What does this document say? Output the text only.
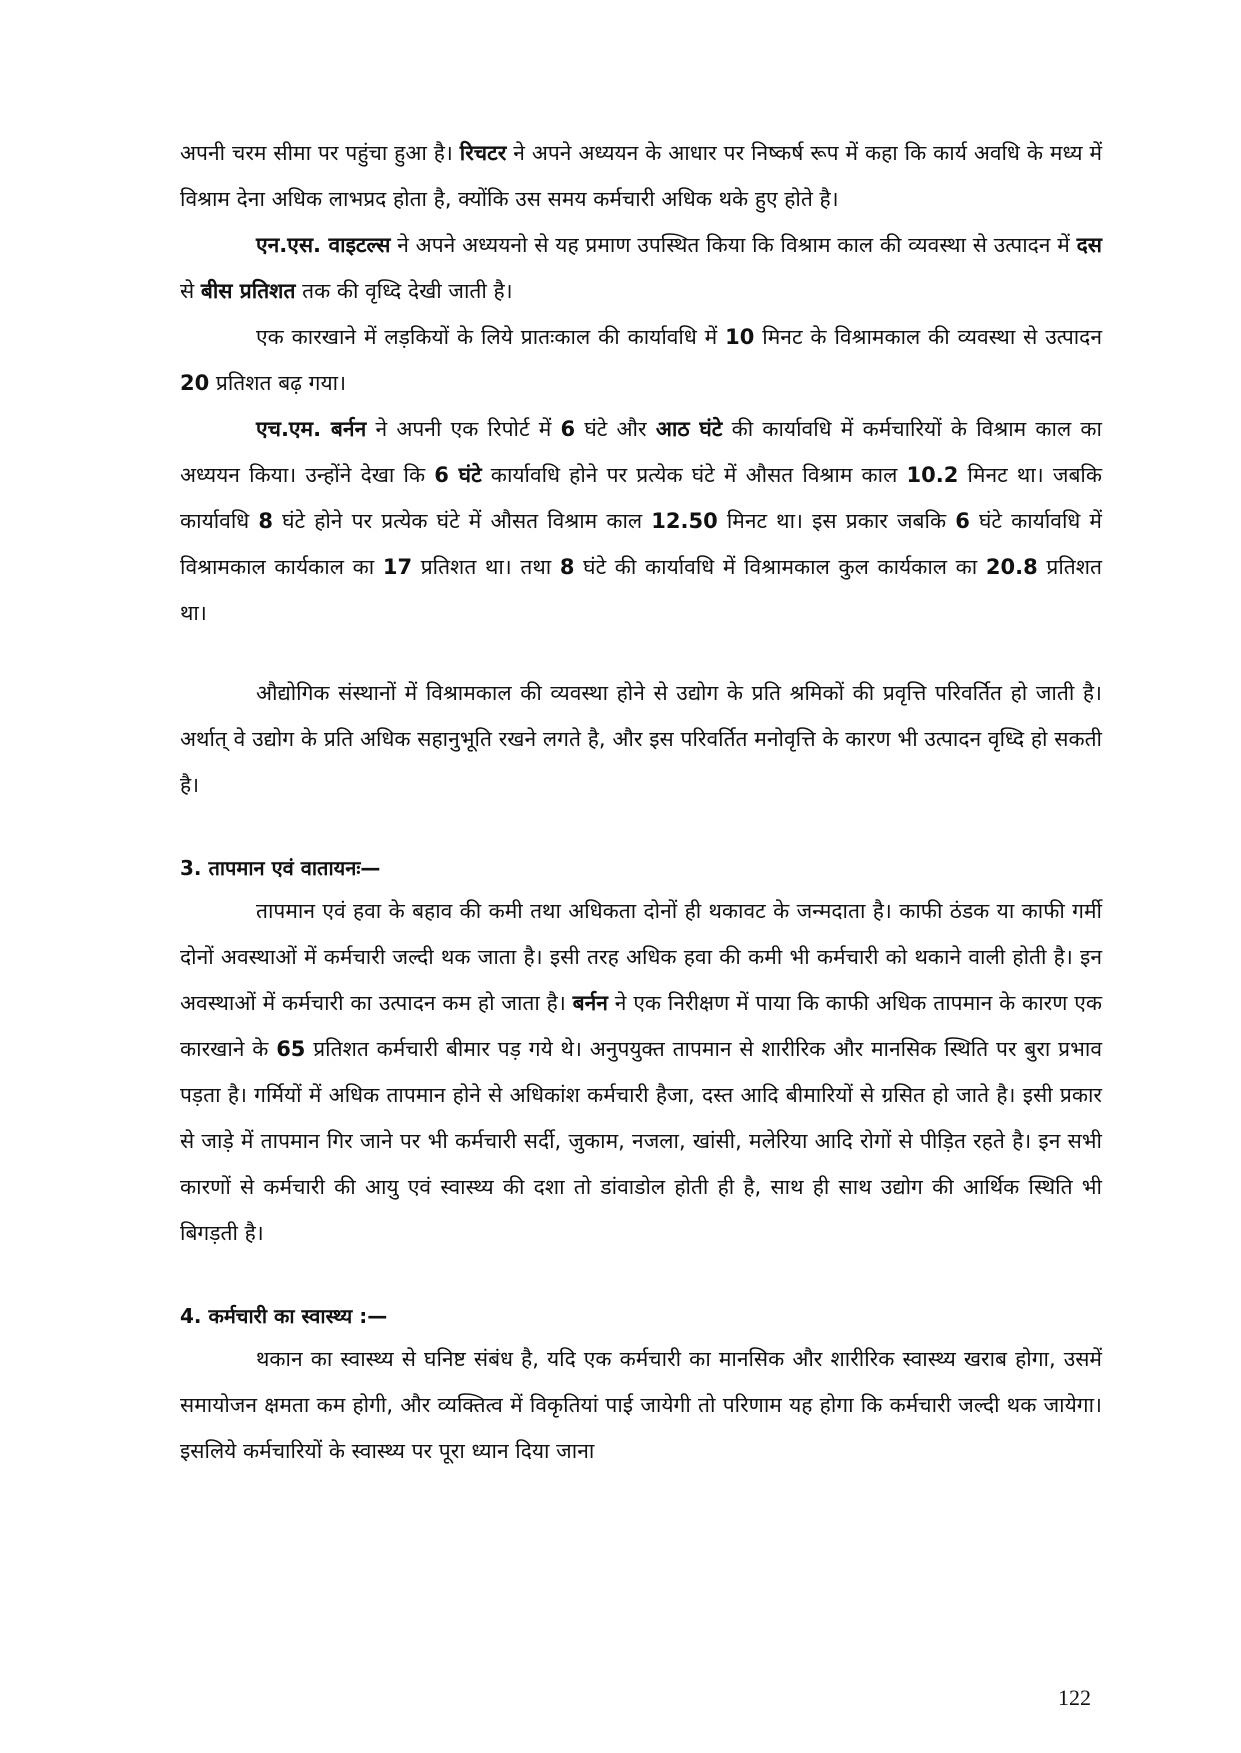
अपनी चरम सीमा पर पहुंचा हुआ है। रिचटर ने अपने अध्ययन के आधार पर निष्कर्ष रूप में कहा कि कार्य अवधि के मध्य में विश्राम देना अधिक लाभप्रद होता है, क्योंकि उस समय कर्मचारी अधिक थके हुए होते है।

एन.एस. वाइटल्स ने अपने अध्ययनो से यह प्रमाण उपस्थित किया कि विश्राम काल की व्यवस्था से उत्पादन में दस से बीस प्रतिशत तक की वृध्दि देखी जाती है।

एक कारखाने में लड़कियों के लिये प्रातःकाल की कार्यावधि में 10 मिनट के विश्रामकाल की व्यवस्था से उत्पादन 20 प्रतिशत बढ़ गया।

एच.एम. बर्नन ने अपनी एक रिपोर्ट में 6 घंटे और आठ घंटे की कार्यावधि में कर्मचारियों के विश्राम काल का अध्ययन किया। उन्होंने देखा कि 6 घंटे कार्यावधि होने पर प्रत्येक घंटे में औसत विश्राम काल 10.2 मिनट था। जबकि कार्यावधि 8 घंटे होने पर प्रत्येक घंटे में औसत विश्राम काल 12.50 मिनट था। इस प्रकार जबकि 6 घंटे कार्यावधि में विश्रामकाल कार्यकाल का 17 प्रतिशत था। तथा 8 घंटे की कार्यावधि में विश्रामकाल कुल कार्यकाल का 20.8 प्रतिशत था।

औद्योगिक संस्थानों में विश्रामकाल की व्यवस्था होने से उद्योग के प्रति श्रमिकों की प्रवृत्ति परिवर्तित हो जाती है। अर्थात् वे उद्योग के प्रति अधिक सहानुभूति रखने लगते है, और इस परिवर्तित मनोवृत्ति के कारण भी उत्पादन वृध्दि हो सकती है।

3. तापमान एवं वातायनः—

तापमान एवं हवा के बहाव की कमी तथा अधिकता दोनों ही थकावट के जन्मदाता है। काफी ठंडक या काफी गर्मी दोनों अवस्थाओं में कर्मचारी जल्दी थक जाता है। इसी तरह अधिक हवा की कमी भी कर्मचारी को थकाने वाली होती है। इन अवस्थाओं में कर्मचारी का उत्पादन कम हो जाता है। बर्नन ने एक निरीक्षण में पाया कि काफी अधिक तापमान के कारण एक कारखाने के 65 प्रतिशत कर्मचारी बीमार पड़ गये थे। अनुपयुक्त तापमान से शारीरिक और मानसिक स्थिति पर बुरा प्रभाव पड़ता है। गर्मियों में अधिक तापमान होने से अधिकांश कर्मचारी हैजा, दस्त आदि बीमारियों से ग्रसित हो जाते है। इसी प्रकार से जाड़े में तापमान गिर जाने पर भी कर्मचारी सर्दी, जुकाम, नजला, खांसी, मलेरिया आदि रोगों से पीड़ित रहते है। इन सभी कारणों से कर्मचारी की आयु एवं स्वास्थ्य की दशा तो डांवाडोल होती ही है, साथ ही साथ उद्योग की आर्थिक स्थिति भी बिगड़ती है।

4. कर्मचारी का स्वास्थ्य :—

थकान का स्वास्थ्य से घनिष्ट संबंध है, यदि एक कर्मचारी का मानसिक और शारीरिक स्वास्थ्य खराब होगा, उसमें समायोजन क्षमता कम होगी, और व्यक्तित्व में विकृतियां पाई जायेगी तो परिणाम यह होगा कि कर्मचारी जल्दी थक जायेगा। इसलिये कर्मचारियों के स्वास्थ्य पर पूरा ध्यान दिया जाना

122
